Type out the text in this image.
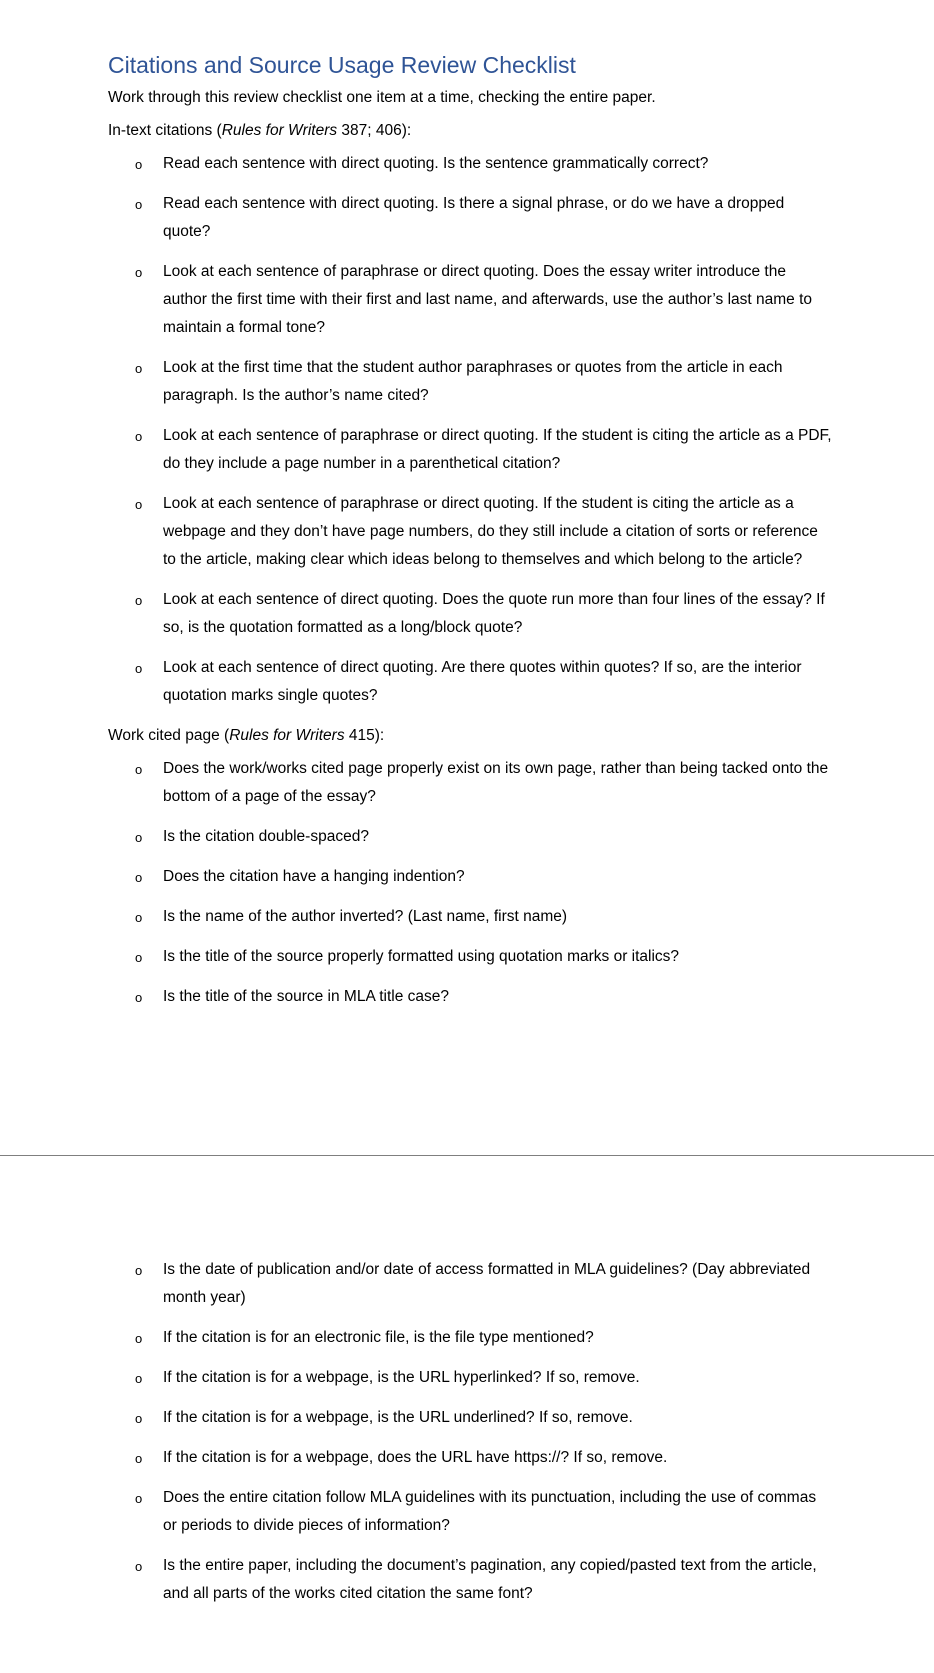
Citations and Source Usage Review Checklist

Work through this review checklist one item at a time, checking the entire paper.

In-text citations (Rules for Writers 387; 406):

o Read each sentence with direct quoting. Is the sentence grammatically correct?
o Read each sentence with direct quoting. Is there a signal phrase, or do we have a dropped quote?
o Look at each sentence of paraphrase or direct quoting. Does the essay writer introduce the author the first time with their first and last name, and afterwards, use the author’s last name to maintain a formal tone?
o Look at the first time that the student author paraphrases or quotes from the article in each paragraph. Is the author’s name cited?
o Look at each sentence of paraphrase or direct quoting. If the student is citing the article as a PDF, do they include a page number in a parenthetical citation?
o Look at each sentence of paraphrase or direct quoting. If the student is citing the article as a webpage and they don’t have page numbers, do they still include a citation of sorts or reference to the article, making clear which ideas belong to themselves and which belong to the article?
o Look at each sentence of direct quoting. Does the quote run more than four lines of the essay? If so, is the quotation formatted as a long/block quote?
o Look at each sentence of direct quoting. Are there quotes within quotes? If so, are the interior quotation marks single quotes?

Work cited page (Rules for Writers 415):

o Does the work/works cited page properly exist on its own page, rather than being tacked onto the bottom of a page of the essay?
o Is the citation double-spaced?
o Does the citation have a hanging indention?
o Is the name of the author inverted? (Last name, first name)
o Is the title of the source properly formatted using quotation marks or italics?
o Is the title of the source in MLA title case?
o Is the date of publication and/or date of access formatted in MLA guidelines? (Day abbreviated month year)
o If the citation is for an electronic file, is the file type mentioned?
o If the citation is for a webpage, is the URL hyperlinked? If so, remove.
o If the citation is for a webpage, is the URL underlined? If so, remove.
o If the citation is for a webpage, does the URL have https://? If so, remove.
o Does the entire citation follow MLA guidelines with its punctuation, including the use of commas or periods to divide pieces of information?
o Is the entire paper, including the document’s pagination, any copied/pasted text from the article, and all parts of the works cited citation the same font?
